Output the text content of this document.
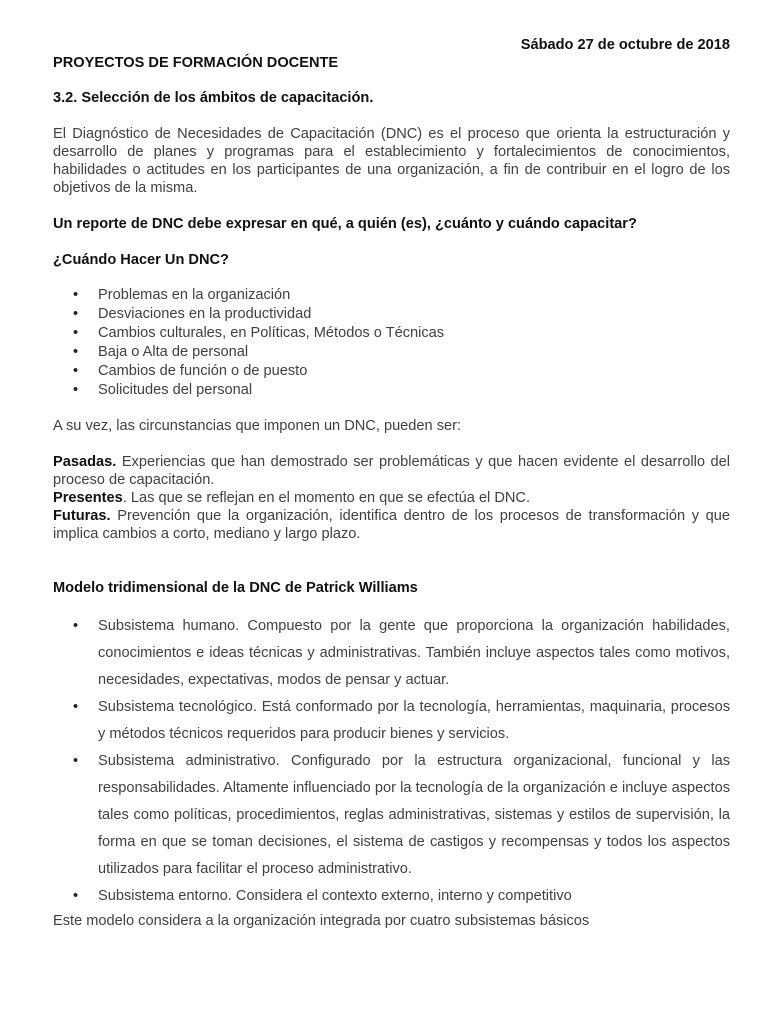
Sábado 27 de octubre de 2018
PROYECTOS DE FORMACIÓN DOCENTE
3.2. Selección de los ámbitos de capacitación.

El Diagnóstico de Necesidades de Capacitación (DNC) es el proceso que orienta la estructuración y desarrollo de planes y programas para el establecimiento y fortalecimientos de conocimientos, habilidades o actitudes en los participantes de una organización, a fin de contribuir en el logro de los objetivos de la misma.

Un reporte de DNC debe expresar en qué, a quién (es), ¿cuánto y cuándo capacitar?
¿Cuándo Hacer Un DNC?
• Problemas en la organización
• Desviaciones en la productividad
• Cambios culturales, en Políticas, Métodos o Técnicas
• Baja o Alta de personal
• Cambios de función o de puesto
• Solicitudes del personal

A su vez, las circunstancias que imponen un DNC, pueden ser:

Pasadas. Experiencias que han demostrado ser problemáticas y que hacen evidente el desarrollo del proceso de capacitación.

Presentes. Las que se reflejan en el momento en que se efectúa el DNC.

Futuras. Prevención que la organización, identifica dentro de los procesos de transformación y que implica cambios a corto, mediano y largo plazo.

Modelo tridimensional de la DNC de Patrick Williams
• Subsistema humano. Compuesto por la gente que proporciona la organización habilidades, conocimientos e ideas técnicas y administrativas. También incluye aspectos tales como motivos, necesidades, expectativas, modos de pensar y actuar.
• Subsistema tecnológico. Está conformado por la tecnología, herramientas, maquinaria, procesos y métodos técnicos requeridos para producir bienes y servicios.
• Subsistema administrativo. Configurado por la estructura organizacional, funcional y las responsabilidades. Altamente influenciado por la tecnología de la organización e incluye aspectos tales como políticas, procedimientos, reglas administrativas, sistemas y estilos de supervisión, la forma en que se toman decisiones, el sistema de castigos y recompensas y todos los aspectos utilizados para facilitar el proceso administrativo.
• Subsistema entorno. Considera el contexto externo, interno y competitivo

Este modelo considera a la organización integrada por cuatro subsistemas básicos
